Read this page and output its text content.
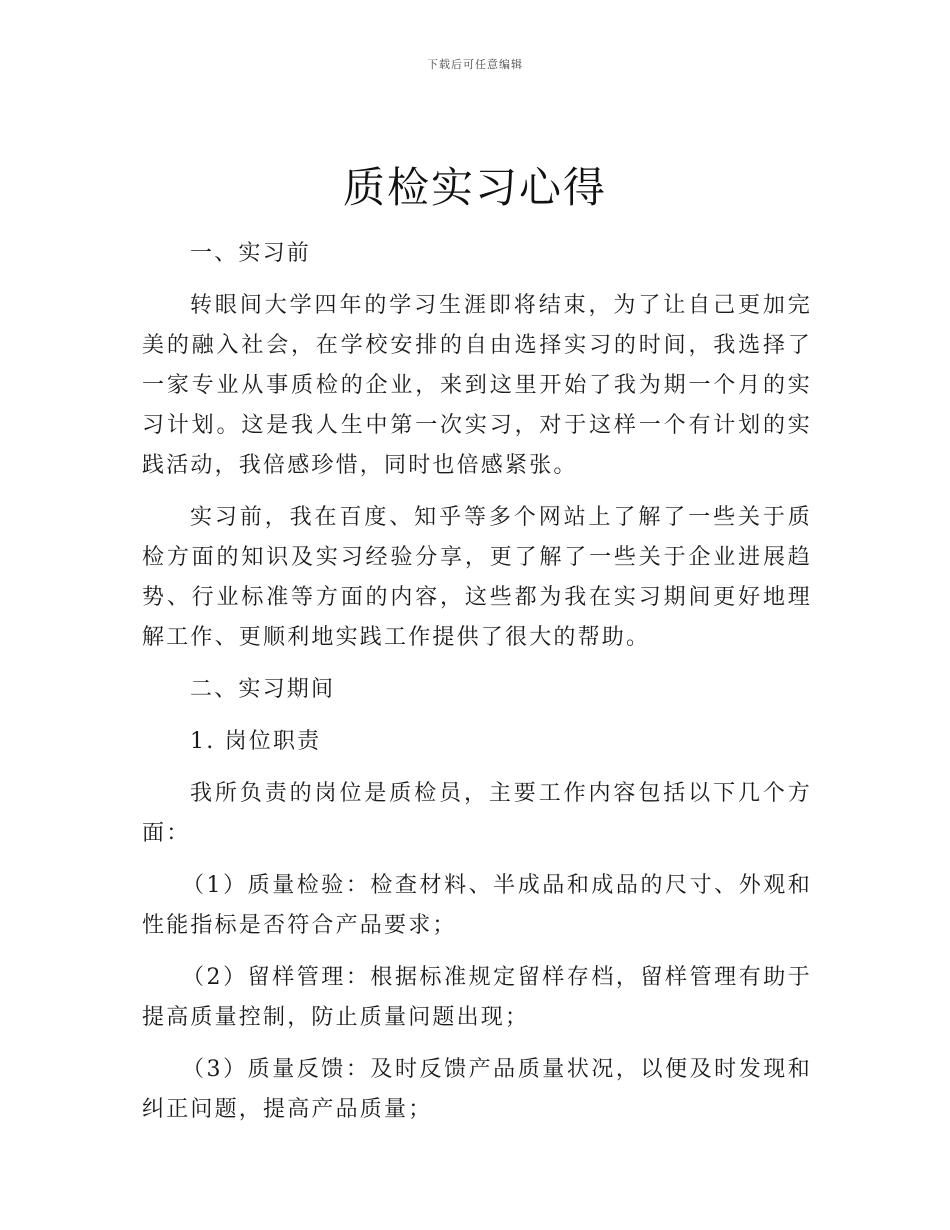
下载后可任意编辑
质检实习心得

一、实习前

转眼间大学四年的学习生涯即将结束，为了让自己更加完美的融入社会，在学校安排的自由选择实习的时间，我选择了一家专业从事质检的企业，来到这里开始了我为期一个月的实习计划。这是我人生中第一次实习，对于这样一个有计划的实践活动，我倍感珍惜，同时也倍感紧张。

实习前，我在百度、知乎等多个网站上了解了一些关于质检方面的知识及实习经验分享，更了解了一些关于企业进展趋势、行业标准等方面的内容，这些都为我在实习期间更好地理解工作、更顺利地实践工作提供了很大的帮助。

二、实习期间

1. 岗位职责

我所负责的岗位是质检员，主要工作内容包括以下几个方面：

（1）质量检验：检查材料、半成品和成品的尺寸、外观和性能指标是否符合产品要求；

（2）留样管理：根据标准规定留样存档，留样管理有助于提高质量控制，防止质量问题出现；

（3）质量反馈：及时反馈产品质量状况，以便及时发现和纠正问题，提高产品质量；
